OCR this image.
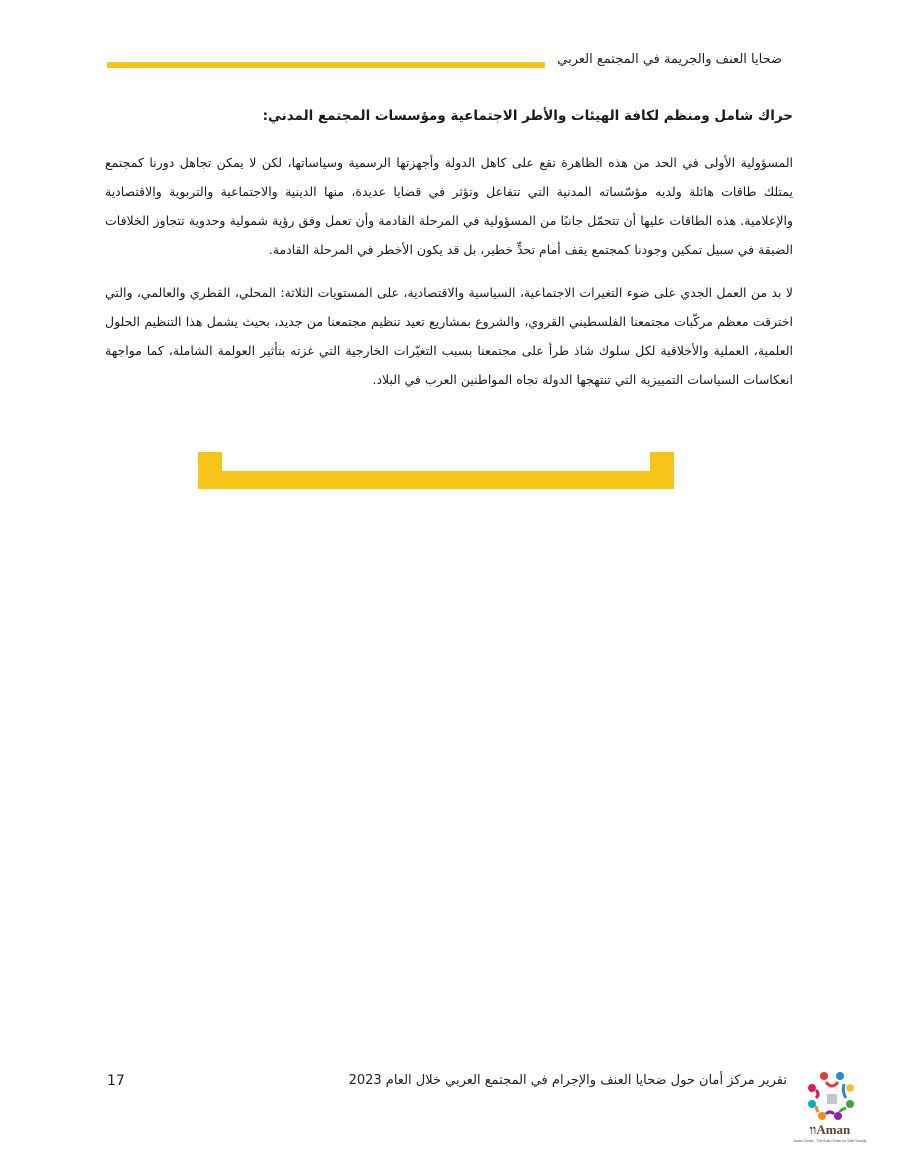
ضحايا العنف والجريمة في المجتمع العربي
حراك شامل ومنظم لكافة الهيئات والأطر الاجتماعية ومؤسسات المجتمع المدني:

المسؤولية الأولى في الحد من هذه الظاهرة تقع على كاهل الدولة وأجهزتها الرسمية وسياساتها، لكن لا يمكن تجاهل دورنا كمجتمع يمتلك طاقات هائلة ولديه مؤسّساته المدنية التي تتفاعل وتؤثر في قضايا عديدة، منها الدينية والاجتماعية والتربوية والاقتصادية والإعلامية. هذه الطاقات عليها أن تتحمّل جانبًا من المسؤولية في المرحلة القادمة وأن تعمل وفق رؤية شمولية وحدوية تتجاوز الخلافات الضيقة في سبيل تمكين وجودنا كمجتمع يقف أمام تحدٍّ خطير، بل قد يكون الأخطر في المرحلة القادمة.

لا بد من العمل الجدي على ضوء التغيرات الاجتماعية، السياسية والاقتصادية، على المستويات الثلاثة: المحلي، القطري والعالمي، والتي اخترقت معظم مركّبات مجتمعنا الفلسطيني القروي، والشروع بمشاريع تعيد تنظيم مجتمعنا من جديد، بحيث يشمل هذا التنظيم الحلول العلمية، العملية والأخلاقية لكل سلوك شاذ طرأ على مجتمعنا بسبب التغيّرات الخارجية التي غزته بتأثير العولمة الشاملة، كما مواجهة انعكاسات السياسات التمييزية التي تنتهجها الدولة تجاه المواطنين العرب في البلاد.

تقرير مركز أمان حول ضحايا العنف والإجرام في المجتمع العربي خلال العام 2023
17
Amanוו
Aman Center - The Arab Center for Safe Society
